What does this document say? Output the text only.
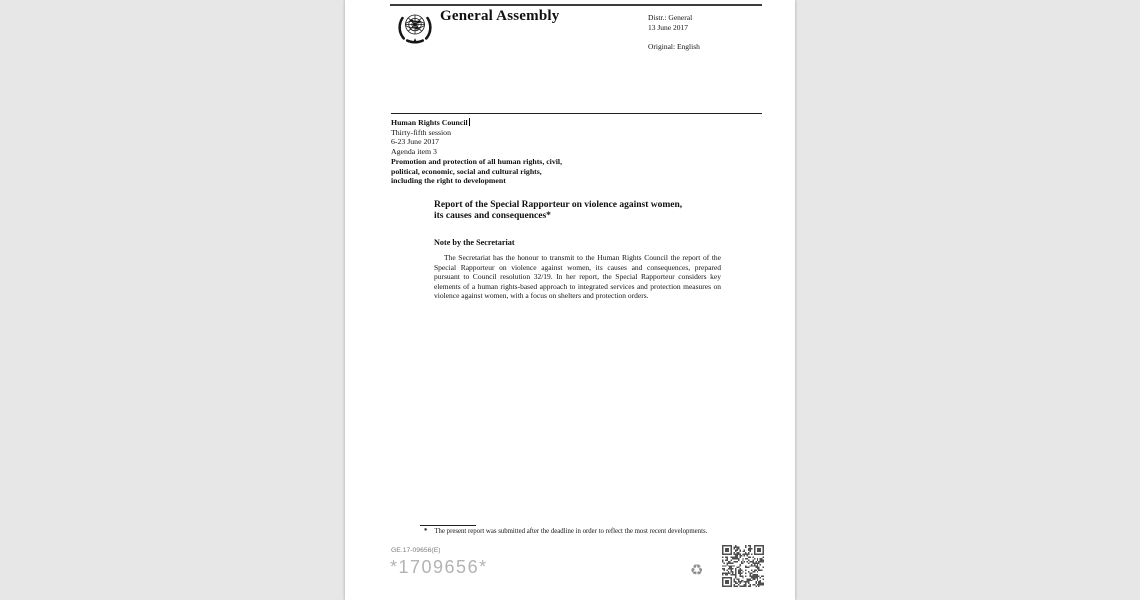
General Assembly	Distr.: General
13 June 2017
Original: English
Human Rights Council
Thirty-fifth session
6-23 June 2017
Agenda item 3
Promotion and protection of all human rights, civil,
political, economic, social and cultural rights,
including the right to development
Report of the Special Rapporteur on violence against women,
its causes and consequences*
Note by the Secretariat
The Secretariat has the honour to transmit to the Human Rights Council the report of the Special Rapporteur on violence against women, its causes and consequences, prepared pursuant to Council resolution 32/19. In her report, the Special Rapporteur considers key elements of a human rights-based approach to integrated services and protection measures on violence against women, with a focus on shelters and protection orders.
* The present report was submitted after the deadline in order to reflect the most recent developments.
GE.17-09656(E)
*1709656*	♻
